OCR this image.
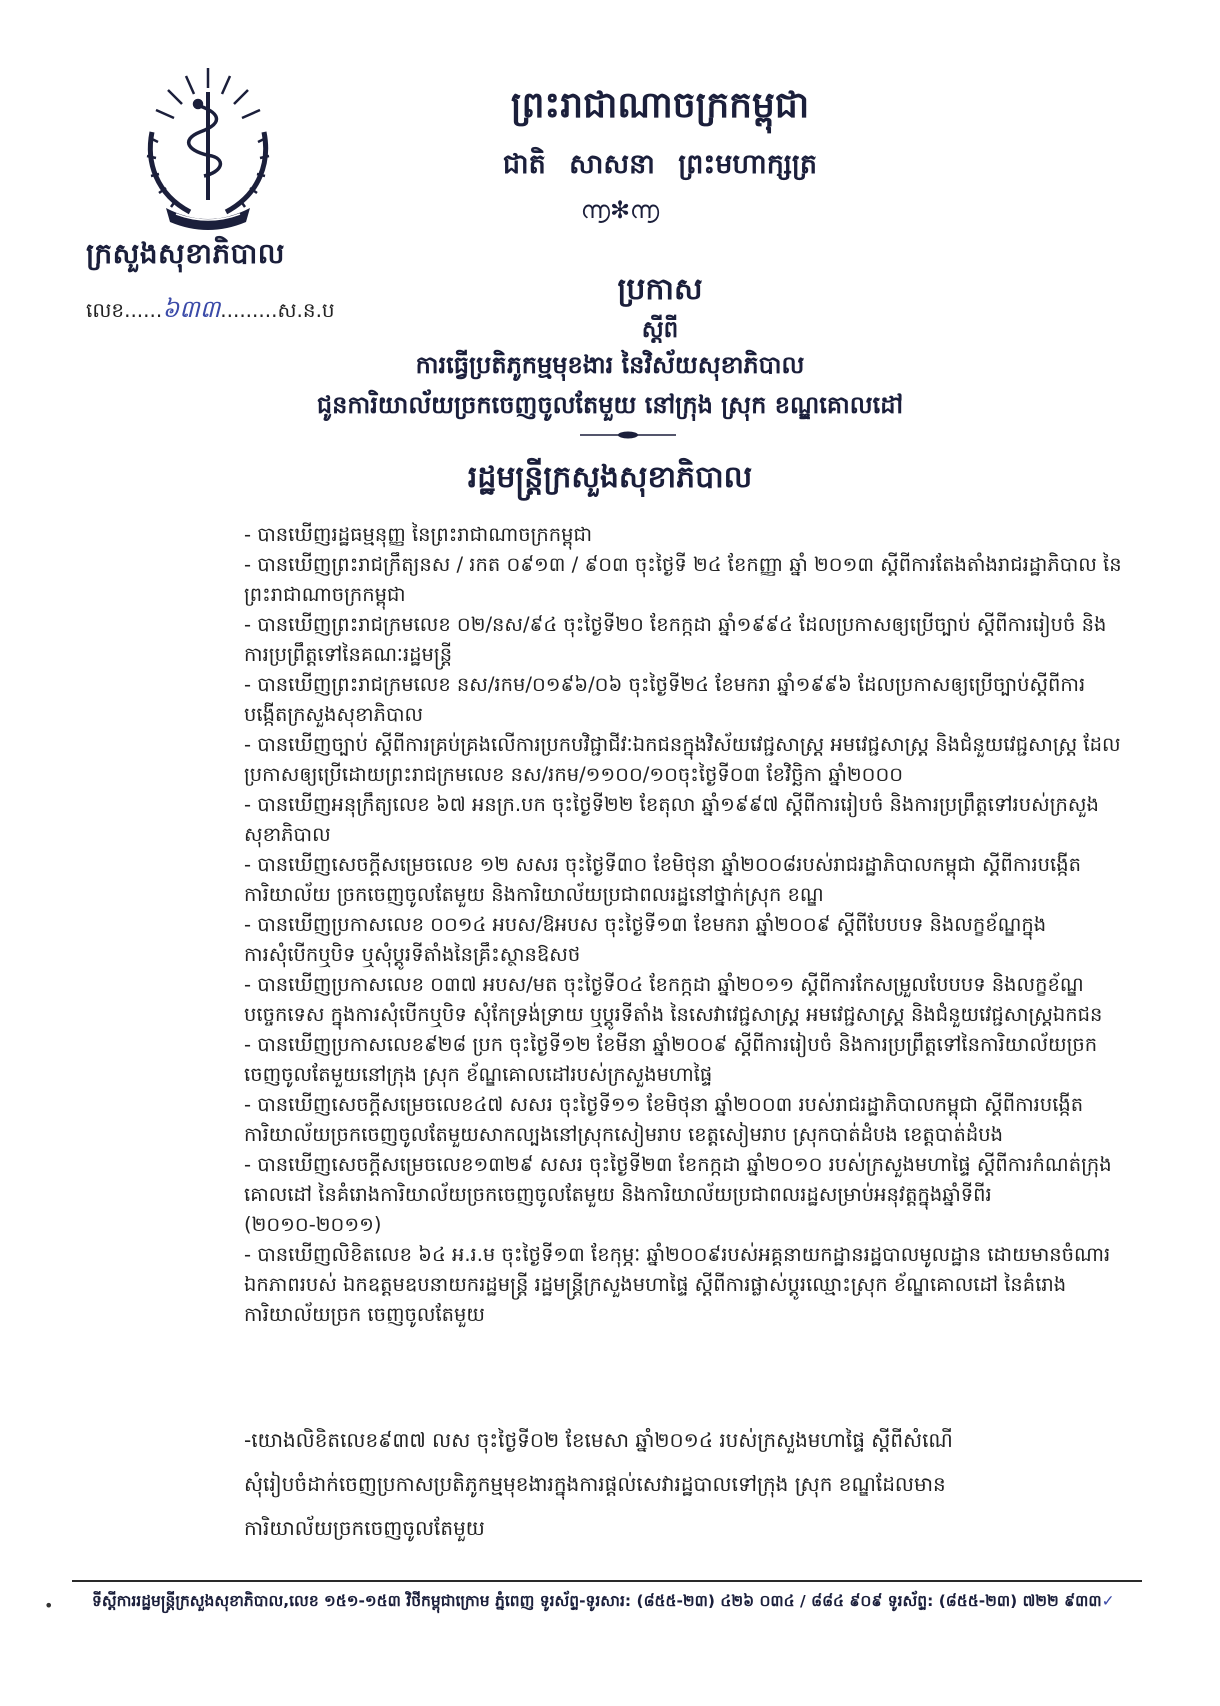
ក្រសួងសុខាភិបាល
លេខ......៦៣៣.........ស.ន.ប
ព្រះរាជាណាចក្រកម្ពុជា
ជាតិ សាសនា ព្រះមហាក្សត្រ
൬✻൬
ប្រកាស
ស្តីពី
ការធ្វើប្រតិភូកម្មមុខងារ នៃវិស័យសុខាភិបាល
ជូនការិយាល័យច្រកចេញចូលតែមួយ នៅក្រុង ស្រុក ខណ្ឌគោលដៅ
រដ្ឋមន្ត្រីក្រសួងសុខាភិបាល

- បានឃើញរដ្ឋធម្មនុញ្ញ នៃព្រះរាជាណាចក្រកម្ពុជា

- បានឃើញព្រះរាជក្រឹត្យនស / រកត ០៩១៣ / ៩០៣ ចុះថ្ងៃទី ២៤ ខែកញ្ញា ឆ្នាំ ២០១៣ ស្តីពីការតែងតាំងរាជរដ្ឋាភិបាល នៃព្រះរាជាណាចក្រកម្ពុជា

- បានឃើញព្រះរាជក្រមលេខ ០២/នស/៩៤ ចុះថ្ងៃទី២០ ខែកក្កដា ឆ្នាំ១៩៩៤ ដែលប្រកាសឲ្យប្រើច្បាប់ ស្តីពីការរៀបចំ និងការប្រព្រឹត្តទៅនៃគណៈរដ្ឋមន្ត្រី

- បានឃើញព្រះរាជក្រមលេខ នស/រកម/០១៩៦/០៦ ចុះថ្ងៃទី២៤ ខែមករា ឆ្នាំ១៩៩៦ ដែលប្រកាសឲ្យប្រើច្បាប់ស្តីពីការបង្កើតក្រសួងសុខាភិបាល

- បានឃើញច្បាប់ ស្តីពីការគ្រប់គ្រងលើការប្រកបវិជ្ជាជីវៈឯកជនក្នុងវិស័យវេជ្ជសាស្ត្រ អមវេជ្ជសាស្ត្រ និងជំនួយវេជ្ជសាស្ត្រ ដែលប្រកាសឲ្យប្រើដោយព្រះរាជក្រមលេខ នស/រកម/១១០០/១០ចុះថ្ងៃទី០៣ ខែវិច្ឆិកា ឆ្នាំ២០០០

- បានឃើញអនុក្រឹត្យលេខ ៦៧ អនក្រ.បក ចុះថ្ងៃទី២២ ខែតុលា ឆ្នាំ១៩៩៧ ស្តីពីការរៀបចំ និងការប្រព្រឹត្តទៅរបស់ក្រសួងសុខាភិបាល

- បានឃើញសេចក្តីសម្រេចលេខ ១២ សសរ ចុះថ្ងៃទី៣០ ខែមិថុនា ឆ្នាំ២០០៨របស់រាជរដ្ឋាភិបាលកម្ពុជា ស្តីពីការបង្កើតការិយាល័យ ច្រកចេញចូលតែមួយ និងការិយាល័យប្រជាពលរដ្ឋនៅថ្នាក់ស្រុក ខណ្ឌ

- បានឃើញប្រកាសលេខ ០០១៤ អបស/ឱអបស ចុះថ្ងៃទី១៣ ខែមករា ឆ្នាំ២០០៩ ស្តីពីបែបបទ និងលក្ខខ័ណ្ឌក្នុងការសុំបើកឬបិទ ឬសុំប្តូរទីតាំងនៃគ្រឹះស្ថានឱសថ

- បានឃើញប្រកាសលេខ ០៣៧ អបស/មត ចុះថ្ងៃទី០៤ ខែកក្កដា ឆ្នាំ២០១១ ស្តីពីការកែសម្រួលបែបបទ និងលក្ខខ័ណ្ឌបច្ចេកទេស ក្នុងការសុំបើកឬបិទ សុំកែទ្រង់ទ្រាយ ឬប្តូរទីតាំង នៃសេវាវេជ្ជសាស្ត្រ អមវេជ្ជសាស្ត្រ និងជំនួយវេជ្ជសាស្ត្រឯកជន

- បានឃើញប្រកាសលេខ៩២៨ ប្រក ចុះថ្ងៃទី១២ ខែមីនា ឆ្នាំ២០០៩ ស្តីពីការរៀបចំ និងការប្រព្រឹត្តទៅនៃការិយាល័យច្រកចេញចូលតែមួយនៅក្រុង ស្រុក ខ័ណ្ឌគោលដៅរបស់ក្រសួងមហាផ្ទៃ

- បានឃើញសេចក្តីសម្រេចលេខ៤៧ សសរ ចុះថ្ងៃទី១១ ខែមិថុនា ឆ្នាំ២០០៣ របស់រាជរដ្ឋាភិបាលកម្ពុជា ស្តីពីការបង្កើតការិយាល័យច្រកចេញចូលតែមួយសាកល្បងនៅស្រុកសៀមរាប ខេត្តសៀមរាប ស្រុកបាត់ដំបង ខេត្តបាត់ដំបង

- បានឃើញសេចក្តីសម្រេចលេខ១៣២៩ សសរ ចុះថ្ងៃទី២៣ ខែកក្កដា ឆ្នាំ២០១០ របស់ក្រសួងមហាផ្ទៃ ស្តីពីការកំណត់ក្រុងគោលដៅ នៃគំរោងការិយាល័យច្រកចេញចូលតែមួយ និងការិយាល័យប្រជាពលរដ្ឋសម្រាប់អនុវត្តក្នុងឆ្នាំទីពីរ (២០១០-២០១១)

- បានឃើញលិខិតលេខ ៦៤ អ.រ.ម ចុះថ្ងៃទី១៣ ខែកុម្ភៈ ឆ្នាំ២០០៩របស់អគ្គនាយកដ្ឋានរដ្ឋបាលមូលដ្ឋាន ដោយមានចំណារឯកភាពរបស់ ឯកឧត្តមឧបនាយករដ្ឋមន្ត្រី រដ្ឋមន្ត្រីក្រសួងមហាផ្ទៃ ស្តីពីការផ្លាស់ប្តូរឈ្មោះស្រុក ខ័ណ្ឌគោលដៅ នៃគំរោងការិយាល័យច្រក ចេញចូលតែមួយ

-យោងលិខិតលេខ៩៣៧ លស ចុះថ្ងៃទី០២ ខែមេសា ឆ្នាំ២០១៤ របស់ក្រសួងមហាផ្ទៃ ស្តីពីសំណើ

សុំរៀបចំដាក់ចេញប្រកាសប្រតិភូកម្មមុខងារក្នុងការផ្តល់សេវារដ្ឋបាលទៅក្រុង ស្រុក ខណ្ឌដែលមាន

ការិយាល័យច្រកចេញចូលតែមួយ

• ទីស្តីការរដ្ឋមន្ត្រីក្រសួងសុខាភិបាល,លេខ ១៥១-១៥៣ វិថីកម្ពុជាក្រោម ភ្នំពេញ ទូរស័ព្ទ-ទូរសារ: (៨៥៥-២៣) ៤២៦ ០៣៤ / ៨៨៤ ៩០៩ ទូរស័ព្ទ: (៨៥៥-២៣) ៧២២ ៩៣៣✓
